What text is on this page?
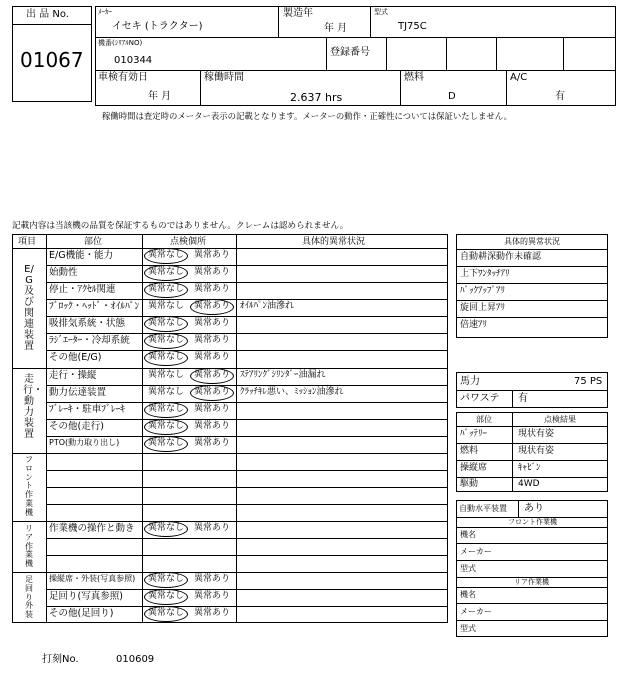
出 品 No.
01067
ﾒｰｶｰ
イセキ (トラクター)
製造年
年 月
型式
TJ75C
機番(ｼﾘｱﾙNO)
010344
登録番号
車検有効日
年 月
稼働時間
2.637 hrs
燃料
D
A/C
有
稼働時間は査定時のメーター表示の記載となります。メーターの動作・正確性については保証いたしません。
記載内容は当該機の品質を保証するものではありません。クレームは認められません。
項目	部位	点検個所	具体的異常状況
E/G及び関連装置
走行・動力装置
フロント作業機
リア作業機
足回り外装
E/G機能・能力	異常なし 異常あり
始動性	異常なし 異常あり
停止・ｱｸｾﾙ関連	異常なし 異常あり
ﾌﾞﾛｯｸ・ﾍｯﾄﾞ・ｵｲﾙﾊﾟﾝ 異常なし 異常あり ｵｲﾙﾊﾟﾝ油滲れ
吸排気系統・状態	異常なし 異常あり
ﾗｼﾞｴｰﾀｰ・冷却系統 異常なし 異常あり
その他(E/G)	異常なし 異常あり
走行・操縦	異常なし 異常あり ｽﾃｱﾘﾝｸﾞｼﾘﾝﾀﾞｰ油漏れ
動力伝達装置	異常なし 異常あり ｸﾗｯﾁｷﾚ悪い、ﾐｯｼｮﾝ油滲れ
ﾌﾞﾚｰｷ・駐車ﾌﾞﾚｰｷ	異常なし 異常あり
その他(走行)	異常なし 異常あり
PTO(動力取り出し)	異常なし 異常あり
作業機の操作と動き 異常なし 異常あり
操縦席・外装(写真参照) 異常なし 異常あり
足回り(写真参照)	異常なし 異常あり
その他(足回り)	異常なし 異常あり
具体的異常状況
自動耕深動作未確認
上下ﾜﾝﾀｯﾁｱﾘ
ﾊﾞｯｸｱｯﾌﾟｱﾘ
旋回上昇ｱﾘ
倍速ｱﾘ
馬力	75 PS
パワステ 有
部位	点検結果
ﾊﾞｯﾃﾘｰ	現状有姿
燃料	現状有姿
操縦席	ｷｬﾋﾞﾝ
駆動	4WD
自動水平装置 あり
フロント作業機
機名
メーカー
型式
リア作業機
機名
メーカー
型式
打刻No.	010609
